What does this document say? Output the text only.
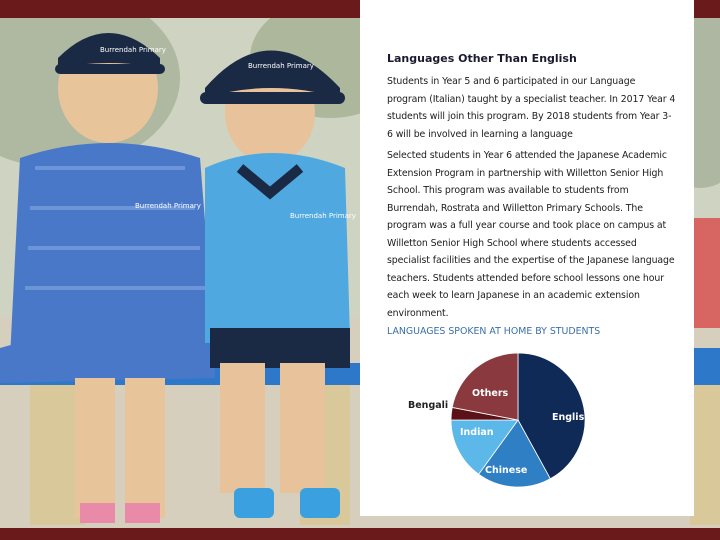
Burrendah Primary
Burrendah Primary
Burrendah Primary
Burrendah Primary
Languages Other Than English

Students in Year 5 and 6 participated in our Language program (Italian) taught by a specialist teacher. In 2017 Year 4 students will join this program. By 2018 students from Year 3-6 will be involved in learning a language

Selected students in Year 6 attended the Japanese Academic Extension Program in partnership with Willetton Senior High School. This program was available to students from Burrendah, Rostrata and Willetton Primary Schools. The program was a full year course and took place on campus at Willetton Senior High School where students accessed specialist facilities and the expertise of the Japanese language teachers. Students attended before school lessons one hour each week to learn Japanese in an academic extension environment.

LANGUAGES SPOKEN AT HOME BY STUDENTS
English
Chinese
Indian
Bengali
Others
